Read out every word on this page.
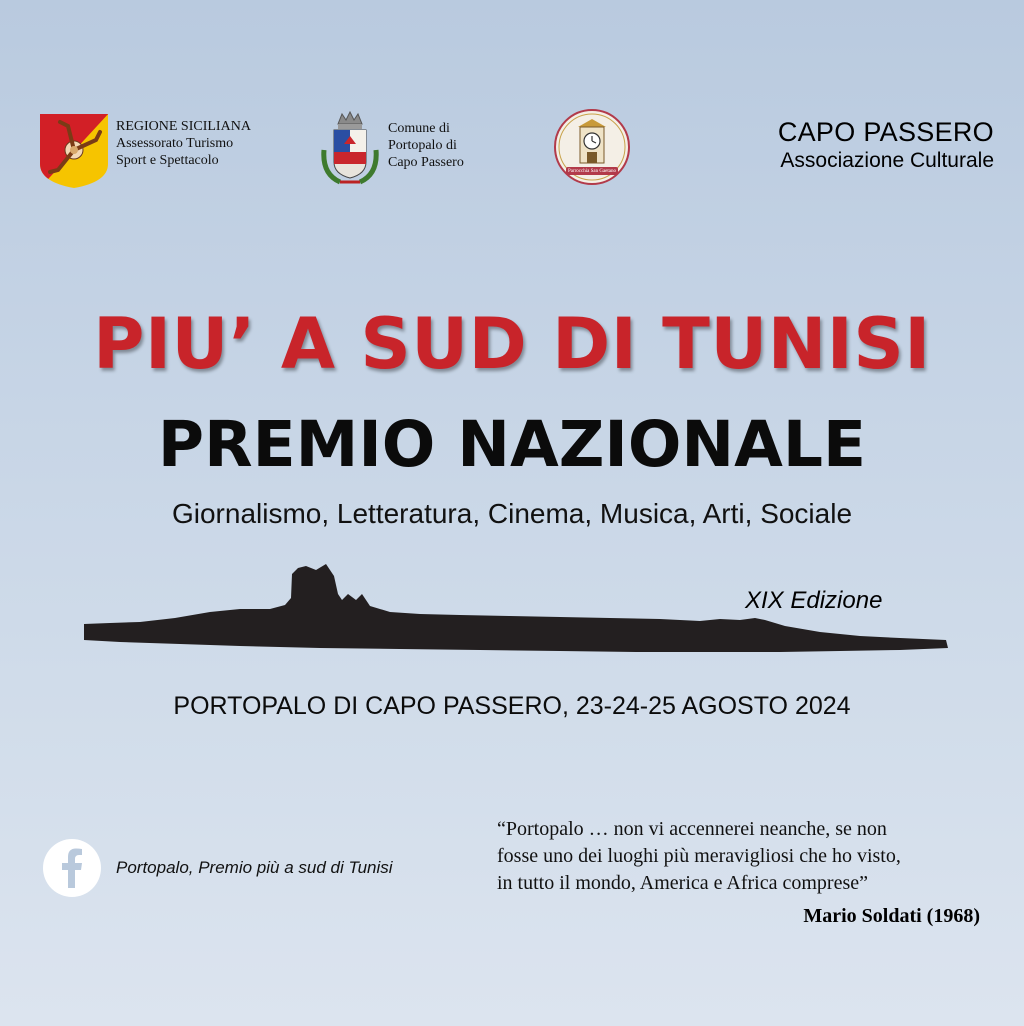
REGIONE SICILIANA
Assessorato Turismo
Sport e Spettacolo
Comune di
Portopalo di
Capo Passero
Parrocchia San Gaetano
CAPO PASSERO
Associazione Culturale
PIU’ A SUD DI TUNISI
PREMIO NAZIONALE
Giornalismo, Letteratura, Cinema, Musica, Arti, Sociale
XIX Edizione
PORTOPALO DI CAPO PASSERO, 23-24-25 AGOSTO 2024
Portopalo, Premio più a sud di Tunisi
“Portopalo … non vi accennerei neanche, se non
fosse uno dei luoghi più meravigliosi che ho visto,
in tutto il mondo, America e Africa comprese”
Mario Soldati (1968)
